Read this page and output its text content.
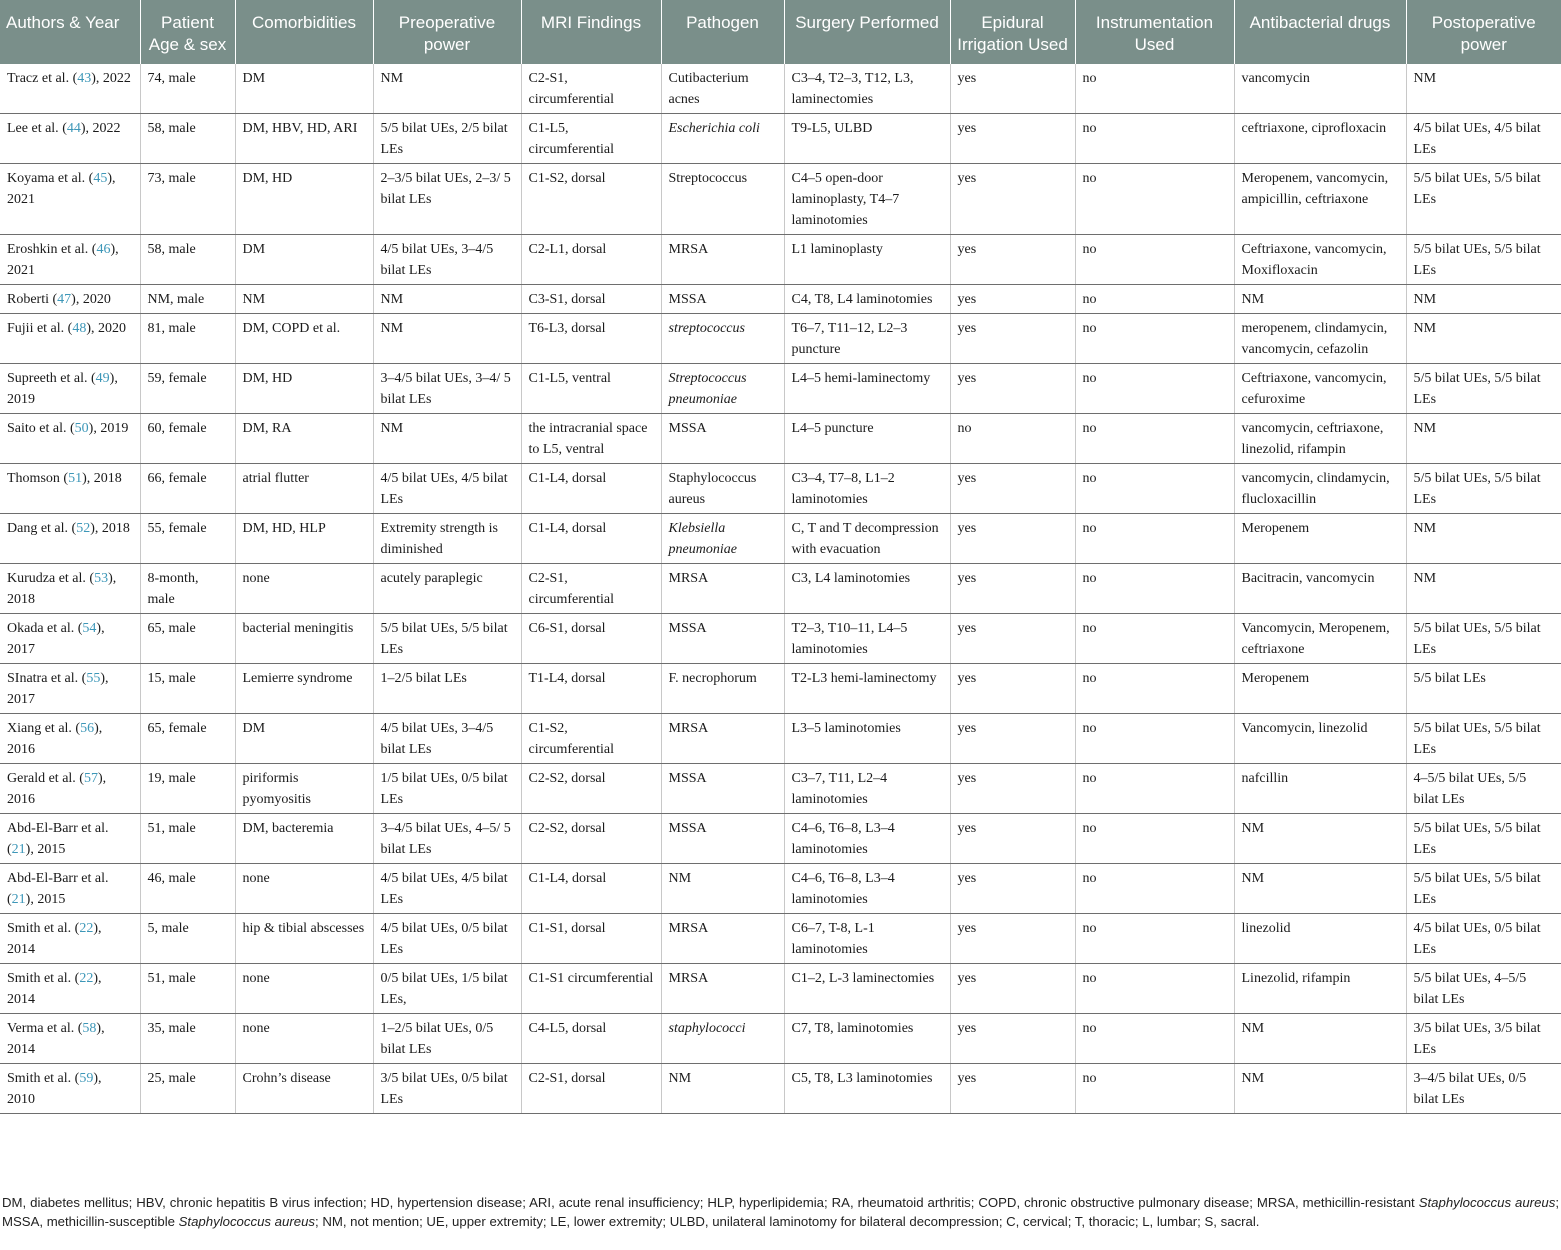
Authors & Year	Patient Age & sex	Comorbidities	Preoperative power	MRI Findings	Pathogen	Surgery Performed	Epidural Irrigation Used	Instrumentation Used	Antibacterial drugs	Postoperative power
Tracz et al. (43), 2022	74, male	DM	NM	C2-S1, circumferential	Cutibacterium acnes	C3–4, T2–3, T12, L3, laminectomies	yes	no	vancomycin	NM
Lee et al. (44), 2022	58, male	DM, HBV, HD, ARI	5/5 bilat UEs, 2/5 bilat LEs	C1-L5, circumferential	Escherichia coli	T9-L5, ULBD	yes	no	ceftriaxone, ciprofloxacin	4/5 bilat UEs, 4/5 bilat LEs
Koyama et al. (45), 2021	73, male	DM, HD	2–3/5 bilat UEs, 2–3/ 5 bilat LEs	C1-S2, dorsal	Streptococcus	C4–5 open-door laminoplasty, T4–7 laminotomies	yes	no	Meropenem, vancomycin, ampicillin, ceftriaxone	5/5 bilat UEs, 5/5 bilat LEs
Eroshkin et al. (46), 2021	58, male	DM	4/5 bilat UEs, 3–4/5 bilat LEs	C2-L1, dorsal	MRSA	L1 laminoplasty	yes	no	Ceftriaxone, vancomycin, Moxifloxacin	5/5 bilat UEs, 5/5 bilat LEs
Roberti (47), 2020	NM, male	NM	NM	C3-S1, dorsal	MSSA	C4, T8, L4 laminotomies	yes	no	NM	NM
Fujii et al. (48), 2020	81, male	DM, COPD et al.	NM	T6-L3, dorsal	streptococcus	T6–7, T11–12, L2–3 puncture	yes	no	meropenem, clindamycin, vancomycin, cefazolin	NM
Supreeth et al. (49), 2019	59, female	DM, HD	3–4/5 bilat UEs, 3–4/ 5 bilat LEs	C1-L5, ventral	Streptococcus pneumoniae	L4–5 hemi-laminectomy	yes	no	Ceftriaxone, vancomycin, cefuroxime	5/5 bilat UEs, 5/5 bilat LEs
Saito et al. (50), 2019	60, female	DM, RA	NM	the intracranial space to L5, ventral	MSSA	L4–5 puncture	no	no	vancomycin, ceftriaxone, linezolid, rifampin	NM
Thomson (51), 2018	66, female	atrial flutter	4/5 bilat UEs, 4/5 bilat LEs	C1-L4, dorsal	Staphylococcus aureus	C3–4, T7–8, L1–2 laminotomies	yes	no	vancomycin, clindamycin, flucloxacillin	5/5 bilat UEs, 5/5 bilat LEs
Dang et al. (52), 2018	55, female	DM, HD, HLP	Extremity strength is diminished	C1-L4, dorsal	Klebsiella pneumoniae	C, T and T decompression with evacuation	yes	no	Meropenem	NM
Kurudza et al. (53), 2018	8-month, male	none	acutely paraplegic	C2-S1, circumferential	MRSA	C3, L4 laminotomies	yes	no	Bacitracin, vancomycin	NM
Okada et al. (54), 2017	65, male	bacterial meningitis	5/5 bilat UEs, 5/5 bilat LEs	C6-S1, dorsal	MSSA	T2–3, T10–11, L4–5 laminotomies	yes	no	Vancomycin, Meropenem, ceftriaxone	5/5 bilat UEs, 5/5 bilat LEs
SInatra et al. (55), 2017	15, male	Lemierre syndrome	1–2/5 bilat LEs	T1-L4, dorsal	F. necrophorum	T2-L3 hemi-laminectomy	yes	no	Meropenem	5/5 bilat LEs
Xiang et al. (56), 2016	65, female	DM	4/5 bilat UEs, 3–4/5 bilat LEs	C1-S2, circumferential	MRSA	L3–5 laminotomies	yes	no	Vancomycin, linezolid	5/5 bilat UEs, 5/5 bilat LEs
Gerald et al. (57), 2016	19, male	piriformis pyomyositis	1/5 bilat UEs, 0/5 bilat LEs	C2-S2, dorsal	MSSA	C3–7, T11, L2–4 laminotomies	yes	no	nafcillin	4–5/5 bilat UEs, 5/5 bilat LEs
Abd-El-Barr et al. (21), 2015	51, male	DM, bacteremia	3–4/5 bilat UEs, 4–5/ 5 bilat LEs	C2-S2, dorsal	MSSA	C4–6, T6–8, L3–4 laminotomies	yes	no	NM	5/5 bilat UEs, 5/5 bilat LEs
Abd-El-Barr et al. (21), 2015	46, male	none	4/5 bilat UEs, 4/5 bilat LEs	C1-L4, dorsal	NM	C4–6, T6–8, L3–4 laminotomies	yes	no	NM	5/5 bilat UEs, 5/5 bilat LEs
Smith et al. (22), 2014	5, male	hip & tibial abscesses	4/5 bilat UEs, 0/5 bilat LEs	C1-S1, dorsal	MRSA	C6–7, T-8, L-1 laminotomies	yes	no	linezolid	4/5 bilat UEs, 0/5 bilat LEs
Smith et al. (22), 2014	51, male	none	0/5 bilat UEs, 1/5 bilat LEs,	C1-S1 circumferential	MRSA	C1–2, L-3 laminectomies	yes	no	Linezolid, rifampin	5/5 bilat UEs, 4–5/5 bilat LEs
Verma et al. (58), 2014	35, male	none	1–2/5 bilat UEs, 0/5 bilat LEs	C4-L5, dorsal	staphylococci	C7, T8, laminotomies	yes	no	NM	3/5 bilat UEs, 3/5 bilat LEs
Smith et al. (59), 2010	25, male	Crohn’s disease	3/5 bilat UEs, 0/5 bilat LEs	C2-S1, dorsal	NM	C5, T8, L3 laminotomies	yes	no	NM	3–4/5 bilat UEs, 0/5 bilat LEs
DM, diabetes mellitus; HBV, chronic hepatitis B virus infection; HD, hypertension disease; ARI, acute renal insufficiency; HLP, hyperlipidemia; RA, rheumatoid arthritis; COPD, chronic obstructive pulmonary disease; MRSA, methicillin-resistant Staphylococcus aureus; MSSA, methicillin-susceptible Staphylococcus aureus; NM, not mention; UE, upper extremity; LE, lower extremity; ULBD, unilateral laminotomy for bilateral decompression; C, cervical; T, thoracic; L, lumbar; S, sacral.
